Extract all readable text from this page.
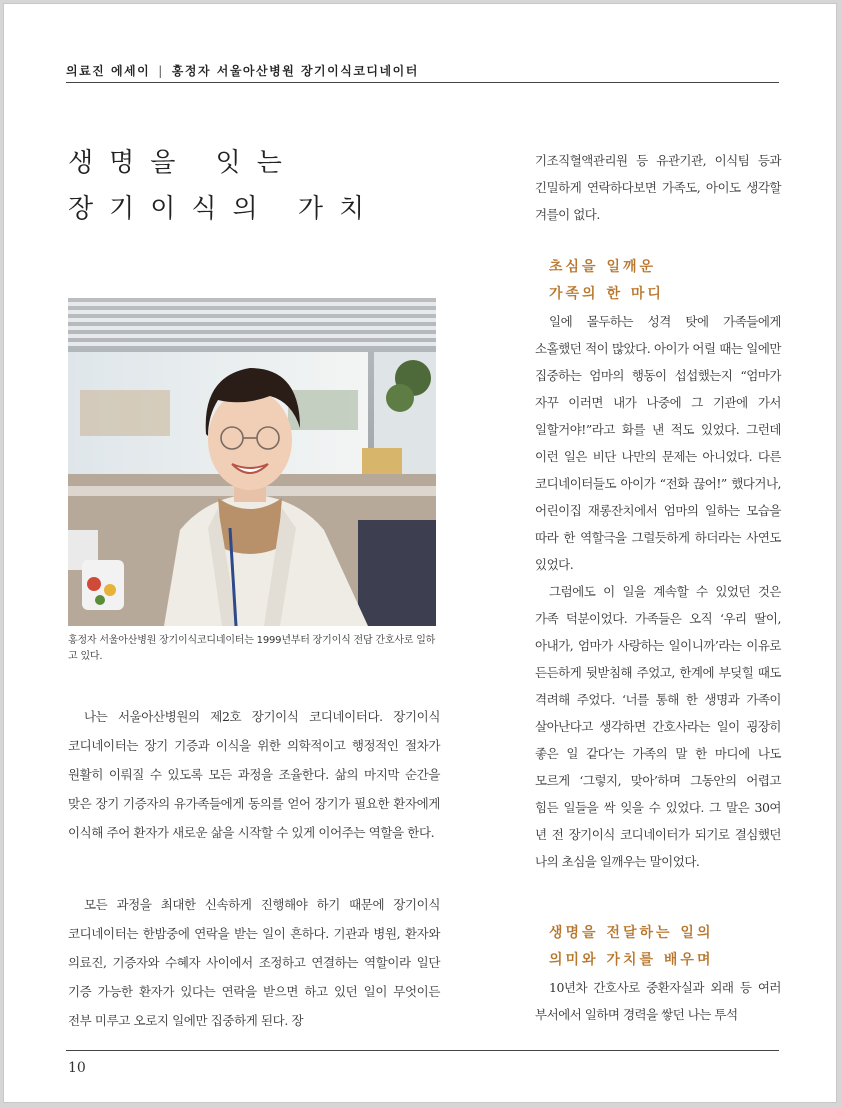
의료진 에세이 | 홍정자 서울아산병원 장기이식코디네이터
생명을 잇는
장기이식의 가치
홍정자 서울아산병원 장기이식코디네이터는 1999년부터 장기이식 전담 간호사로 일하고 있다.

나는 서울아산병원의 제2호 장기이식 코디네이터다. 장기이식 코디네이터는 장기 기증과 이식을 위한 의학적이고 행정적인 절차가 원활히 이뤄질 수 있도록 모든 과정을 조율한다. 삶의 마지막 순간을 맞은 장기 기증자의 유가족들에게 동의를 얻어 장기가 필요한 환자에게 이식해 주어 환자가 새로운 삶을 시작할 수 있게 이어주는 역할을 한다.

모든 과정을 최대한 신속하게 진행해야 하기 때문에 장기이식 코디네이터는 한밤중에 연락을 받는 일이 흔하다. 기관과 병원, 환자와 의료진, 기증자와 수혜자 사이에서 조정하고 연결하는 역할이라 일단 기증 가능한 환자가 있다는 연락을 받으면 하고 있던 일이 무엇이든 전부 미루고 오로지 일에만 집중하게 된다. 장

기조직혈액관리원 등 유관기관, 이식팀 등과 긴밀하게 연락하다보면 가족도, 아이도 생각할 겨를이 없다.

초심을 일깨운
가족의 한 마디

일에 몰두하는 성격 탓에 가족들에게 소홀했던 적이 많았다. 아이가 어릴 때는 일에만 집중하는 엄마의 행동이 섭섭했는지 “엄마가 자꾸 이러면 내가 나중에 그 기관에 가서 일할거야!”라고 화를 낸 적도 있었다. 그런데 이런 일은 비단 나만의 문제는 아니었다. 다른 코디네이터들도 아이가 “전화 끊어!” 했다거나, 어린이집 재롱잔치에서 엄마의 일하는 모습을 따라 한 역할극을 그럴듯하게 하더라는 사연도 있었다.

그럼에도 이 일을 계속할 수 있었던 것은 가족 덕분이었다. 가족들은 오직 ‘우리 딸이, 아내가, 엄마가 사랑하는 일이니까’라는 이유로 든든하게 뒷받침해 주었고, 한계에 부딪힐 때도 격려해 주었다. ‘너를 통해 한 생명과 가족이 살아난다고 생각하면 간호사라는 일이 굉장히 좋은 일 같다’는 가족의 말 한 마디에 나도 모르게 ‘그렇지, 맞아’하며 그동안의 어렵고 힘든 일들을 싹 잊을 수 있었다. 그 말은 30여 년 전 장기이식 코디네이터가 되기로 결심했던 나의 초심을 일깨우는 말이었다.

생명을 전달하는 일의
의미와 가치를 배우며

10년차 간호사로 중환자실과 외래 등 여러 부서에서 일하며 경력을 쌓던 나는 투석

10
